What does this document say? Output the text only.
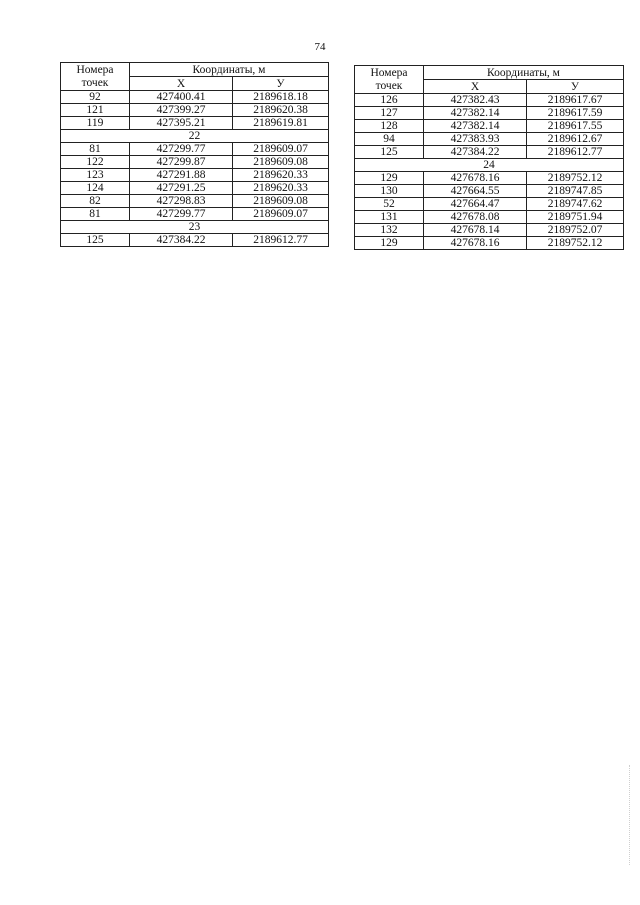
74
Номера
точек	Координаты, м	
	X	У
92	427400.41	2189618.18
121	427399.27	2189620.38
119	427395.21	2189619.81
22		
81	427299.77	2189609.07
122	427299.87	2189609.08
123	427291.88	2189620.33
124	427291.25	2189620.33
82	427298.83	2189609.08
81	427299.77	2189609.07
23		
125	427384.22	2189612.77
Номера
точек	Координаты, м	
	X	У
126	427382.43	2189617.67
127	427382.14	2189617.59
128	427382.14	2189617.55
94	427383.93	2189612.67
125	427384.22	2189612.77
24		
129	427678.16	2189752.12
130	427664.55	2189747.85
52	427664.47	2189747.62
131	427678.08	2189751.94
132	427678.14	2189752.07
129	427678.16	2189752.12
